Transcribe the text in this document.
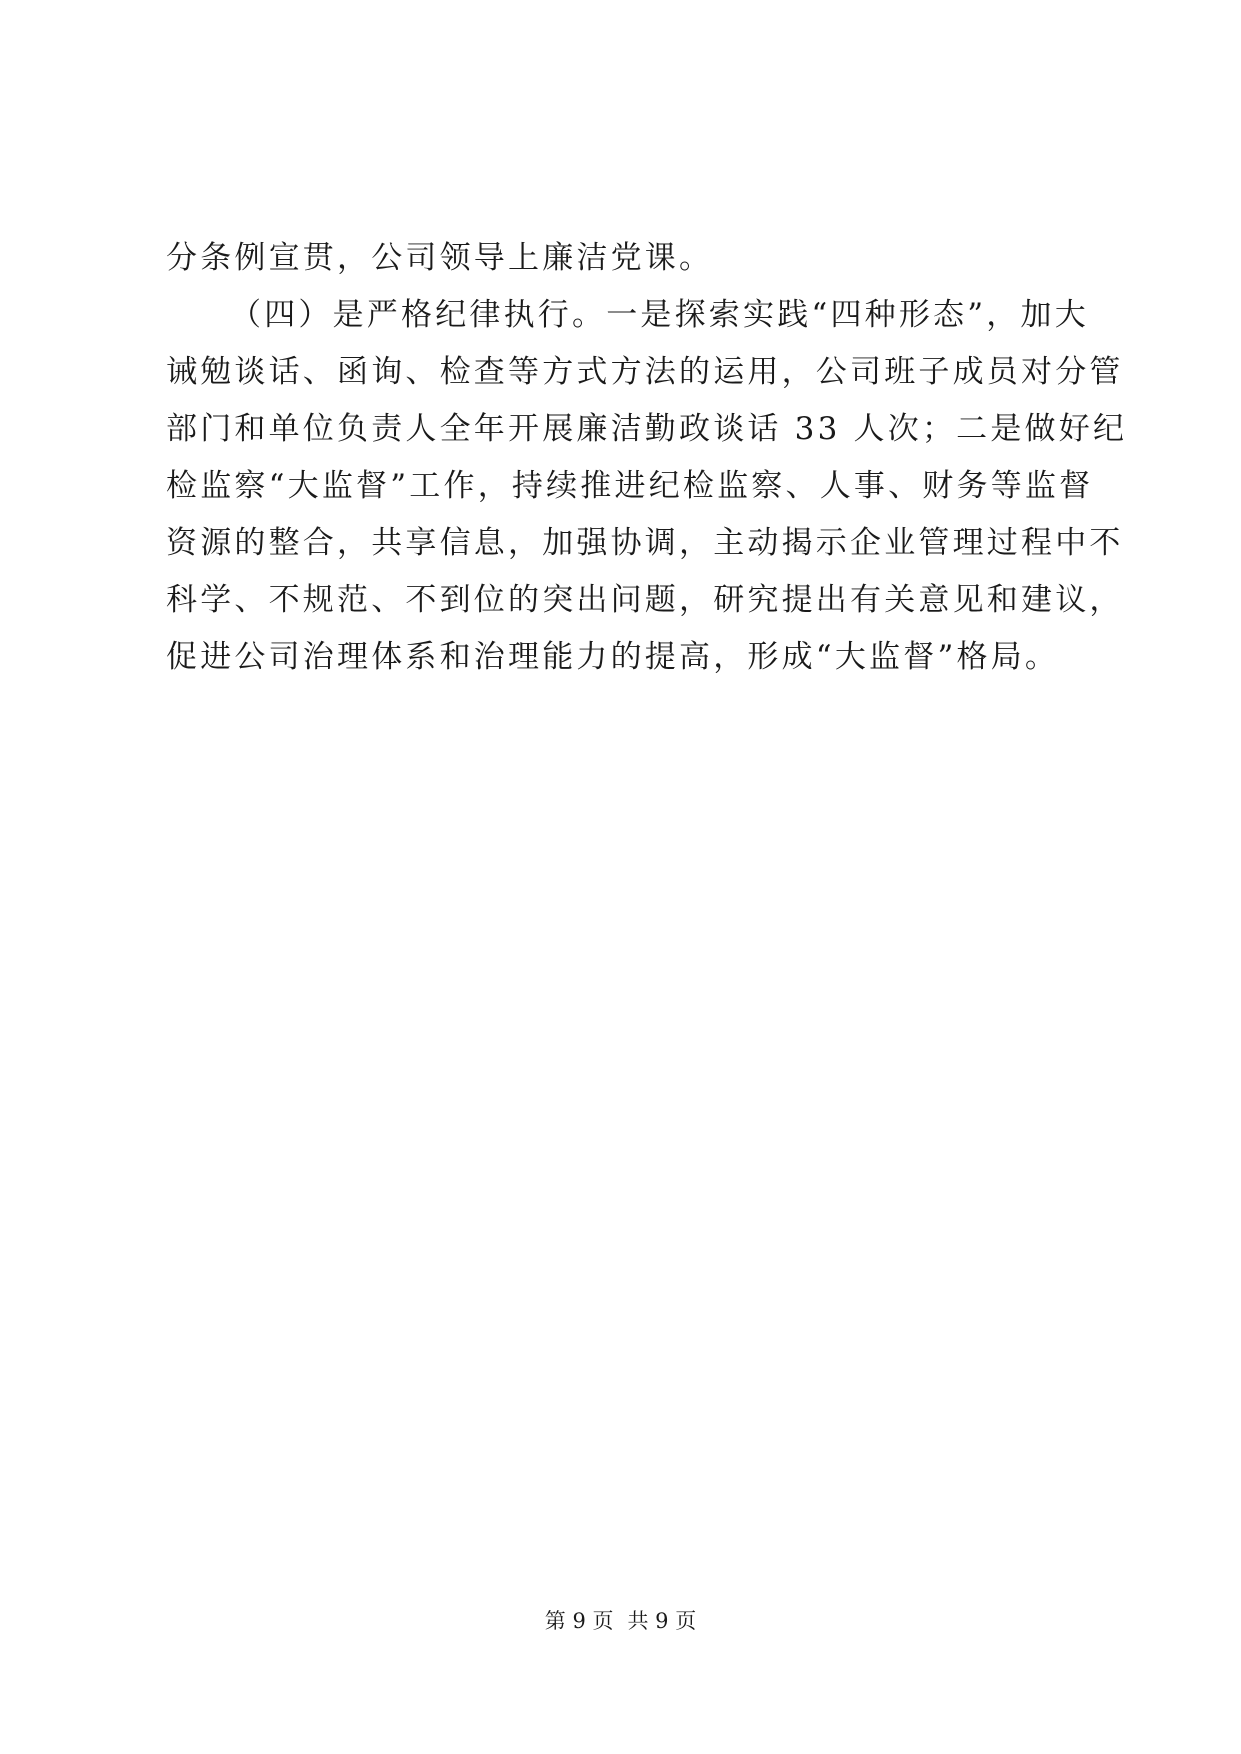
分条例宣贯，公司领导上廉洁党课。
（四）是严格纪律执行。一是探索实践“四种形态”，加大
诫勉谈话、函询、检查等方式方法的运用，公司班子成员对分管
部门和单位负责人全年开展廉洁勤政谈话 33 人次；二是做好纪
检监察“大监督”工作，持续推进纪检监察、人事、财务等监督
资源的整合，共享信息，加强协调，主动揭示企业管理过程中不
科学、不规范、不到位的突出问题，研究提出有关意见和建议，
促进公司治理体系和治理能力的提高，形成“大监督”格局。
第 9 页 共 9 页
